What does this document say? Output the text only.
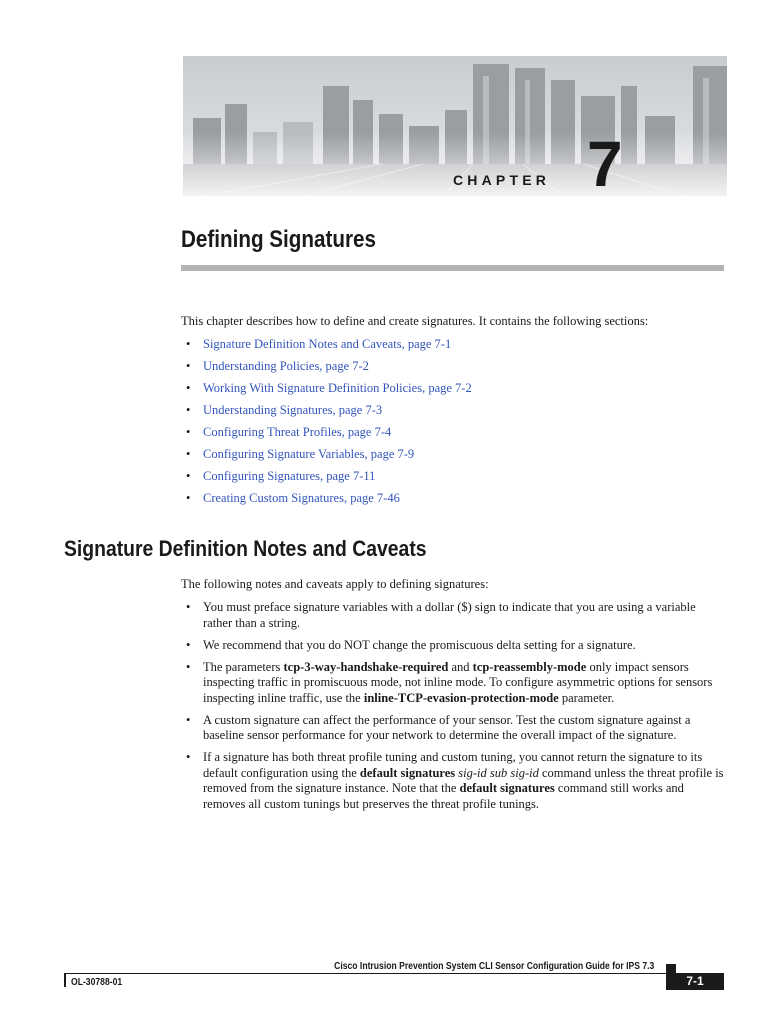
CHAPTER 7
Defining Signatures
This chapter describes how to define and create signatures. It contains the following sections:
• Signature Definition Notes and Caveats, page 7-1
• Understanding Policies, page 7-2
• Working With Signature Definition Policies, page 7-2
• Understanding Signatures, page 7-3
• Configuring Threat Profiles, page 7-4
• Configuring Signature Variables, page 7-9
• Configuring Signatures, page 7-11
• Creating Custom Signatures, page 7-46
Signature Definition Notes and Caveats
The following notes and caveats apply to defining signatures:
• You must preface signature variables with a dollar ($) sign to indicate that you are using a variable rather than a string.
• We recommend that you do NOT change the promiscuous delta setting for a signature.
• The parameters tcp-3-way-handshake-required and tcp-reassembly-mode only impact sensors inspecting traffic in promiscuous mode, not inline mode. To configure asymmetric options for sensors inspecting inline traffic, use the inline-TCP-evasion-protection-mode parameter.
• A custom signature can affect the performance of your sensor. Test the custom signature against a baseline sensor performance for your network to determine the overall impact of the signature.
• If a signature has both threat profile tuning and custom tuning, you cannot return the signature to its default configuration using the default signatures sig-id sub sig-id command unless the threat profile is removed from the signature instance. Note that the default signatures command still works and removes all custom tunings but preserves the threat profile tunings.
Cisco Intrusion Prevention System CLI Sensor Configuration Guide for IPS 7.3
OL-30788-01	7-1
